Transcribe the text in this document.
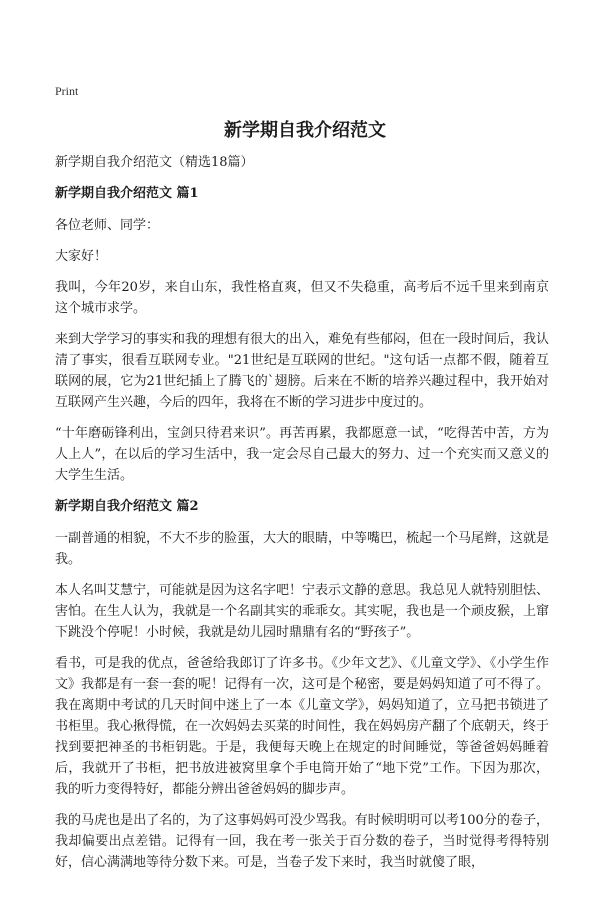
Print
新学期自我介绍范文

新学期自我介绍范文（精选18篇）

新学期自我介绍范文 篇1

各位老师、同学：

大家好！

我叫，今年20岁，来自山东，我性格直爽，但又不失稳重，高考后不远千里来到南京这个城市求学。

来到大学学习的事实和我的理想有很大的出入，难免有些郁闷，但在一段时间后，我认清了事实，很看互联网专业。"21世纪是互联网的世纪。"这句话一点都不假，随着互联网的展，它为21世纪插上了腾飞的`翅膀。后来在不断的培养兴趣过程中，我开始对互联网产生兴趣，今后的四年，我将在不断的学习进步中度过的。

“十年磨砺锋利出，宝剑只待君来识”。再苦再累，我都愿意一试，“吃得苦中苦，方为人上人”，在以后的学习生活中，我一定会尽自己最大的努力、过一个充实而又意义的大学生生活。

新学期自我介绍范文 篇2

一副普通的相貌，不大不步的脸蛋，大大的眼睛，中等嘴巴，梳起一个马尾辫，这就是我。

本人名叫艾慧宁，可能就是因为这名字吧！宁表示文静的意思。我总见人就特别胆怯、害怕。在生人认为，我就是一个名副其实的乖乖女。其实呢，我也是一个顽皮猴，上窜下跳没个停呢！小时候，我就是幼儿园时鼎鼎有名的“野孩子”。

看书，可是我的优点，爸爸给我郎订了许多书。《少年文艺》、《儿童文学》、《小学生作文》我都是有一套一套的呢！记得有一次，这可是个秘密，要是妈妈知道了可不得了。我在离期中考试的几天时间中迷上了一本《儿童文学》，妈妈知道了，立马把书锁进了书柜里。我心揪得慌，在一次妈妈去买菜的时间性，我在妈妈房产翻了个底朝天，终于找到要把神圣的书柜钥匙。于是，我便每天晚上在规定的时间睡觉，等爸爸妈妈睡着后，我就开了书柜，把书放进被窝里拿个手电筒开始了“地下党”工作。下因为那次，我的听力变得特好，都能分辨出爸爸妈妈的脚步声。

我的马虎也是出了名的，为了这事妈妈可没少骂我。有时候明明可以考100分的卷子，我却偏要出点差错。记得有一回，我在考一张关于百分数的卷子，当时觉得考得特别好，信心满满地等待分数下来。可是，当卷子发下来时，我当时就傻了眼，
